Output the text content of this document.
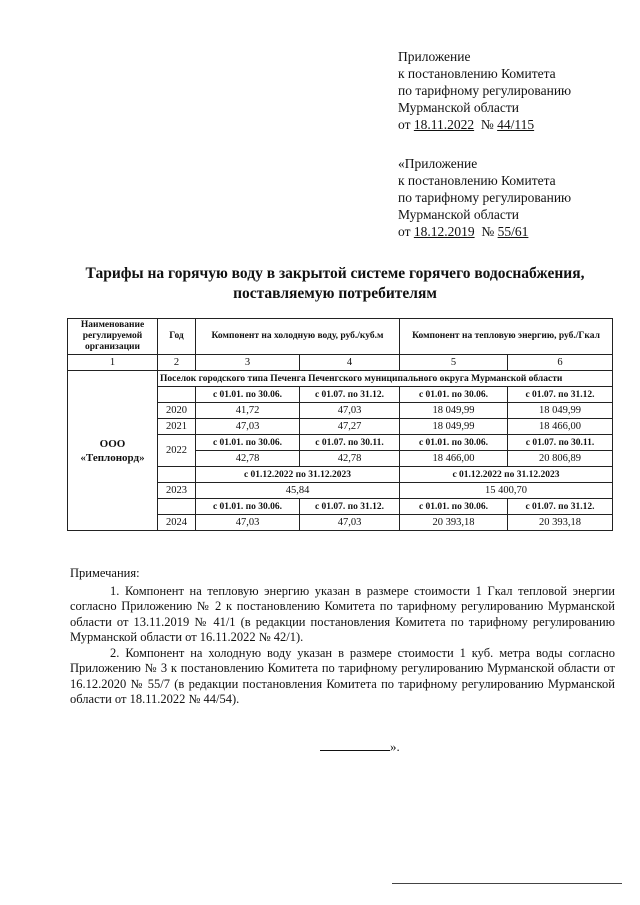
Приложение
к постановлению Комитета
по тарифному регулированию
Мурманской области
от 18.11.2022 № 44/115
«Приложение
к постановлению Комитета
по тарифному регулированию
Мурманской области
от 18.12.2019 № 55/61
Тарифы на горячую воду в закрытой системе горячего водоснабжения,
поставляемую потребителям
Наименование регулируемой организации	Год	Компонент на холодную воду, руб./куб.м		Компонент на тепловую энергию, руб./Гкал	
1	2	3	4	5	6

ООО
«Теплонорд»	Поселок городского типа Печенга Печенгского муниципального округа Мурманской области				
		с 01.01. по 30.06.	с 01.07. по 31.12.	с 01.01. по 30.06.	с 01.07. по 31.12.
	2020	41,72	47,03	18 049,99	18 049,99
	2021	47,03	47,27	18 049,99	18 466,00
	2022	с 01.01. по 30.06.	с 01.07. по 30.11.	с 01.01. по 30.06.	с 01.07. по 30.11.
		42,78	42,78	18 466,00	20 806,89
		с 01.12.2022 по 31.12.2023		с 01.12.2022 по 31.12.2023	
	2023	45,84		15 400,70	
		с 01.01. по 30.06.	с 01.07. по 31.12.	с 01.01. по 30.06.	с 01.07. по 31.12.
	2024	47,03	47,03	20 393,18	20 393,18
Примечания:

1. Компонент на тепловую энергию указан в размере стоимости 1 Гкал тепловой энергии согласно Приложению № 2 к постановлению Комитета по тарифному регулированию Мурманской области от 13.11.2019 № 41/1 (в редакции постановления Комитета по тарифному регулированию Мурманской области от 16.11.2022 № 42/1).

2. Компонент на холодную воду указан в размере стоимости 1 куб. метра воды согласно Приложению № 3 к постановлению Комитета по тарифному регулированию Мурманской области от 16.12.2020 № 55/7 (в редакции постановления Комитета по тарифному регулированию Мурманской области от 18.11.2022 № 44/54).

».
